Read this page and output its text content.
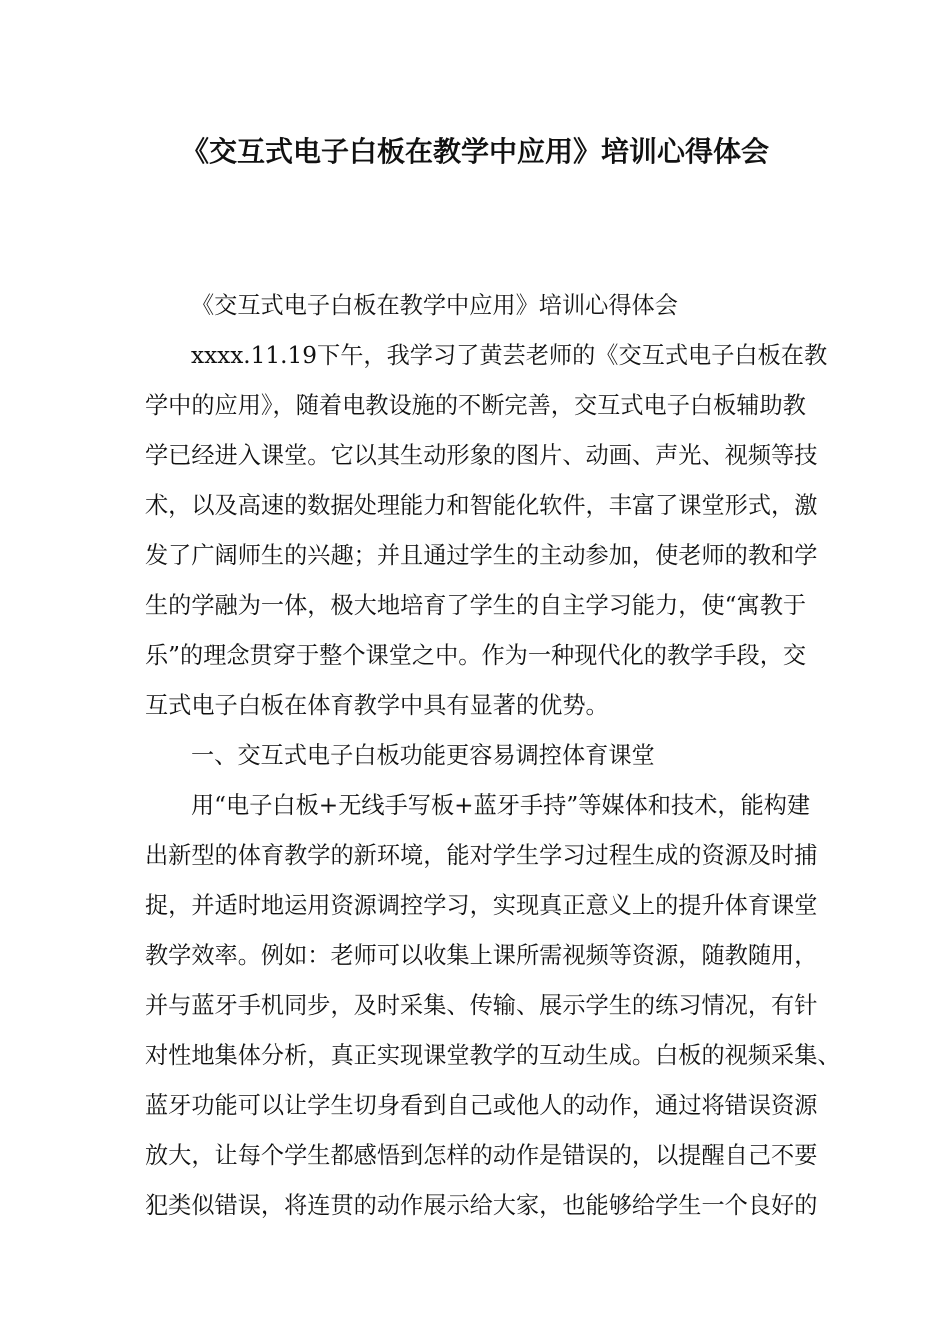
《交互式电子白板在教学中应用》培训心得体会
《交互式电子白板在教学中应用》培训心得体会
xxxx.11.19下午，我学习了黄芸老师的《交互式电子白板在教
学中的应用》，随着电教设施的不断完善，交互式电子白板辅助教
学已经进入课堂。它以其生动形象的图片、动画、声光、视频等技
术，以及高速的数据处理能力和智能化软件，丰富了课堂形式，激
发了广阔师生的兴趣；并且通过学生的主动参加，使老师的教和学
生的学融为一体，极大地培育了学生的自主学习能力，使“寓教于
乐”的理念贯穿于整个课堂之中。作为一种现代化的教学手段，交
互式电子白板在体育教学中具有显著的优势。
一、交互式电子白板功能更容易调控体育课堂
用“电子白板+无线手写板+蓝牙手持”等媒体和技术，能构建
出新型的体育教学的新环境，能对学生学习过程生成的资源及时捕
捉，并适时地运用资源调控学习，实现真正意义上的提升体育课堂
教学效率。例如：老师可以收集上课所需视频等资源，随教随用，
并与蓝牙手机同步，及时采集、传输、展示学生的练习情况，有针
对性地集体分析，真正实现课堂教学的互动生成。白板的视频采集、
蓝牙功能可以让学生切身看到自己或他人的动作，通过将错误资源
放大，让每个学生都感悟到怎样的动作是错误的，以提醒自己不要
犯类似错误，将连贯的动作展示给大家，也能够给学生一个良好的
